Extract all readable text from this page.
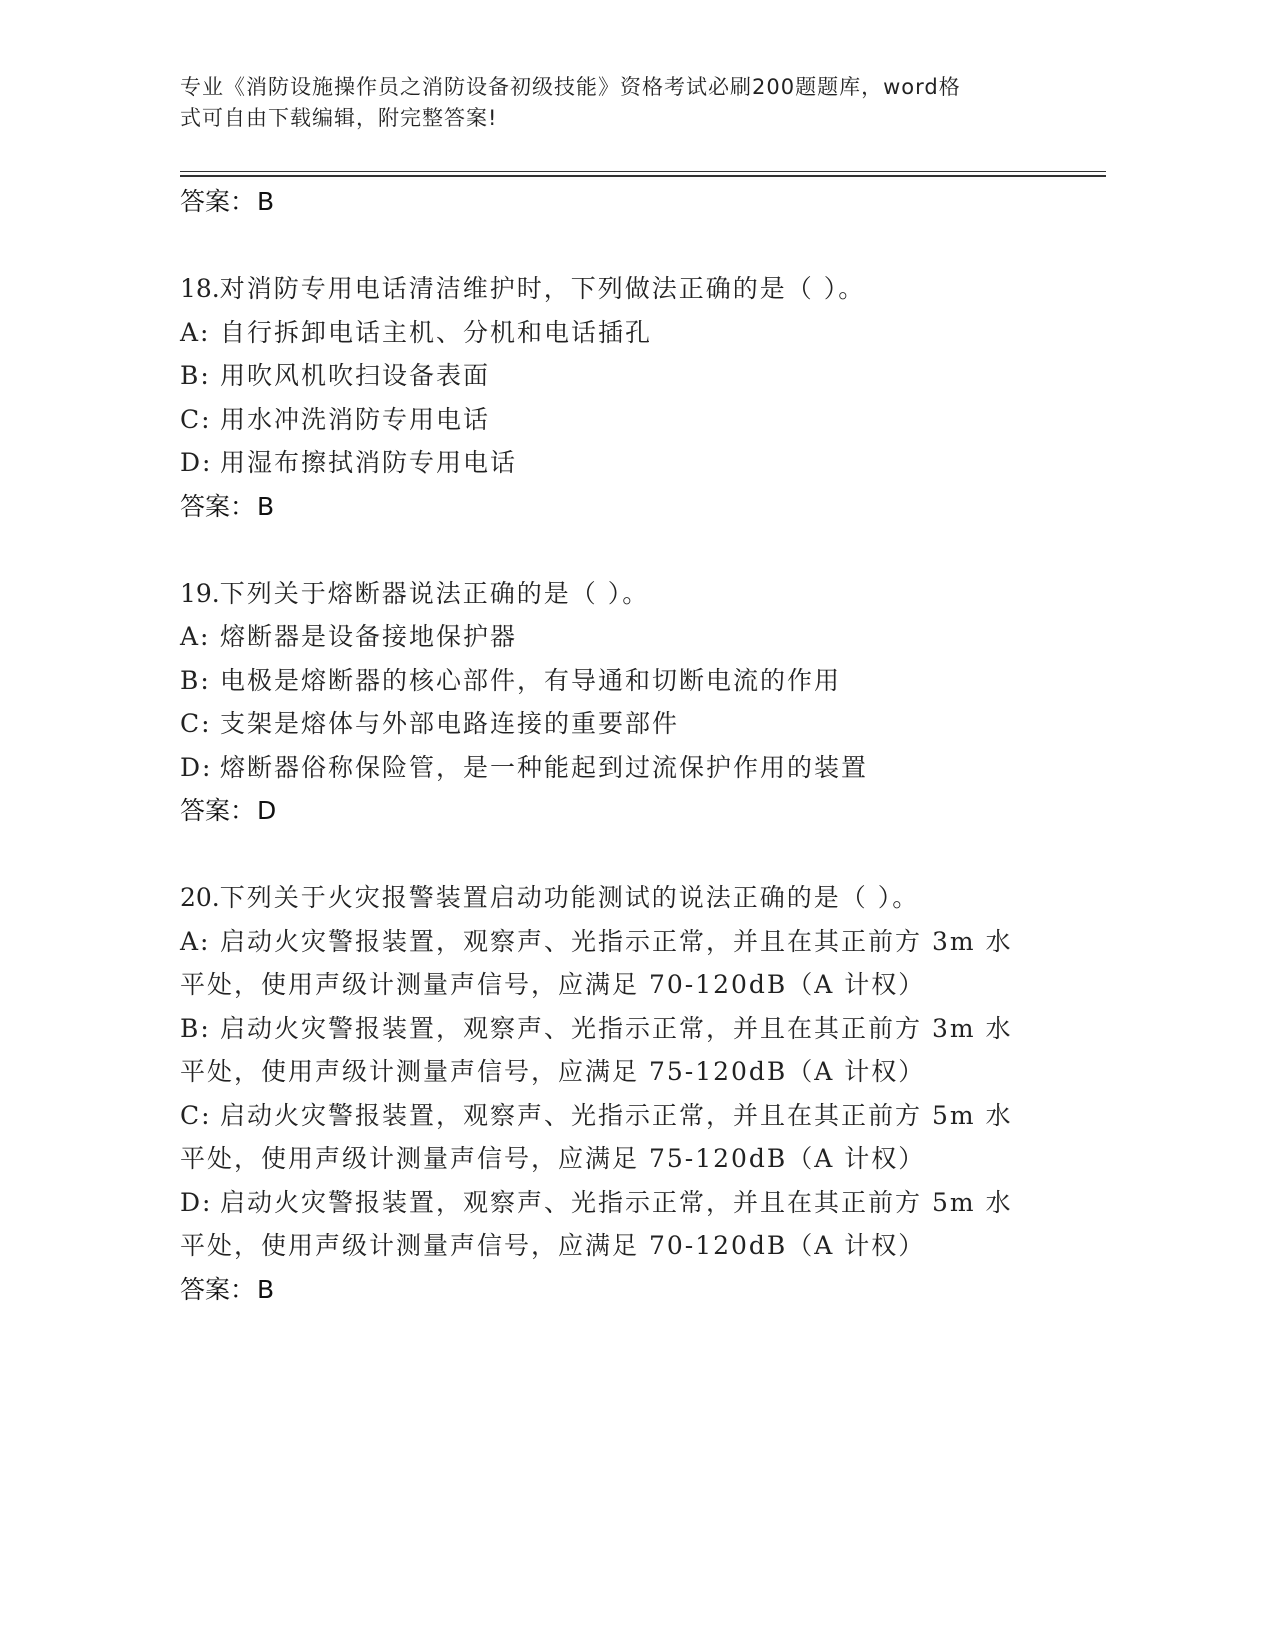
专业《消防设施操作员之消防设备初级技能》资格考试必刷200题题库，word格
式可自由下载编辑，附完整答案!

答案：B

18.对消防专用电话清洁维护时，下列做法正确的是（ ）。

A: 自行拆卸电话主机、分机和电话插孔

B: 用吹风机吹扫设备表面

C: 用水冲洗消防专用电话

D: 用湿布擦拭消防专用电话

答案：B

19.下列关于熔断器说法正确的是（ ）。

A: 熔断器是设备接地保护器

B: 电极是熔断器的核心部件，有导通和切断电流的作用

C: 支架是熔体与外部电路连接的重要部件

D: 熔断器俗称保险管，是一种能起到过流保护作用的装置

答案：D

20.下列关于火灾报警装置启动功能测试的说法正确的是（ ）。

A: 启动火灾警报装置，观察声、光指示正常，并且在其正前方 3m 水

平处，使用声级计测量声信号，应满足 70-120dB（A 计权）

B: 启动火灾警报装置，观察声、光指示正常，并且在其正前方 3m 水

平处，使用声级计测量声信号，应满足 75-120dB（A 计权）

C: 启动火灾警报装置，观察声、光指示正常，并且在其正前方 5m 水

平处，使用声级计测量声信号，应满足 75-120dB（A 计权）

D: 启动火灾警报装置，观察声、光指示正常，并且在其正前方 5m 水

平处，使用声级计测量声信号，应满足 70-120dB（A 计权）

答案：B
